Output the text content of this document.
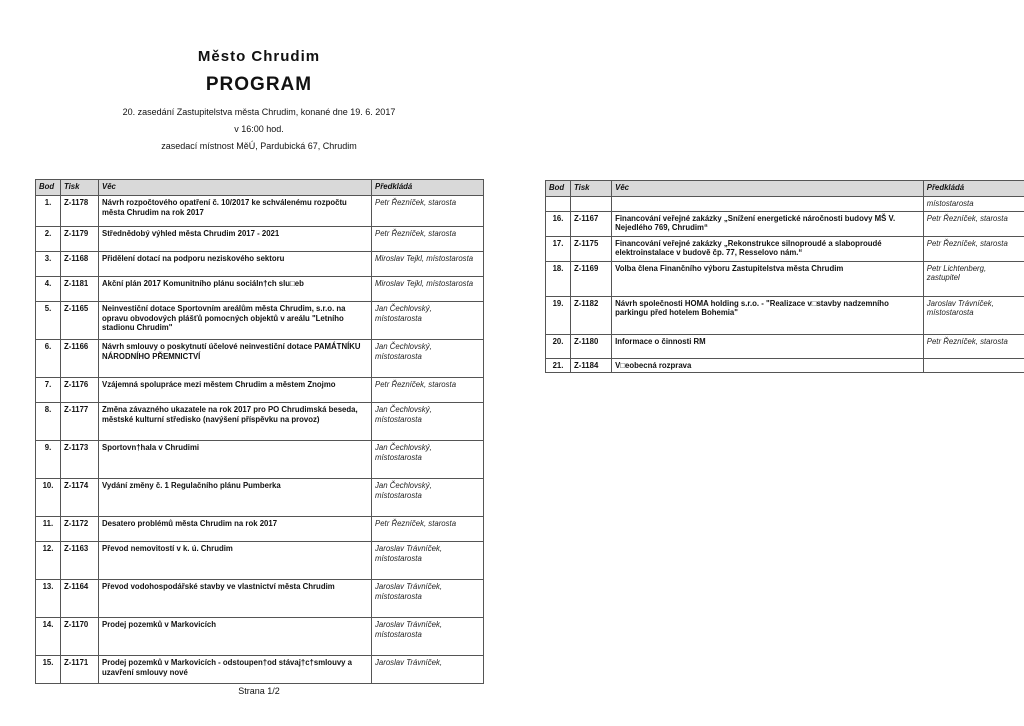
Město Chrudim
PROGRAM
20. zasedání Zastupitelstva města Chrudim, konané dne 19. 6. 2017
v 16:00 hod.
zasedací místnost MěÚ, Pardubická 67, Chrudim
Bod	Tisk	Věc	Předkládá
1.	Z-1178	Návrh rozpočtového opatření č. 10/2017 ke schválenému rozpočtu města Chrudim na rok 2017	Petr Řezníček, starosta
2.	Z-1179	Střednědobý výhled města Chrudim 2017 - 2021	Petr Řezníček, starosta
3.	Z-1168	Přidělení dotací na podporu neziskového sektoru	Miroslav Tejkl, místostarosta
4.	Z-1181	Akční plán 2017 Komunitního plánu sociáln†ch slu□eb	Miroslav Tejkl, místostarosta
5.	Z-1165	Neinvestiční dotace Sportovním areálům města Chrudim, s.r.o. na opravu obvodových plášťů pomocných objektů v areálu "Letního stadionu Chrudim"	Jan Čechlovský, místostarosta
6.	Z-1166	Návrh smlouvy o poskytnutí účelové neinvestiční dotace PAMÁTNÍKU NÁRODNÍHO PŘEMNICTVÍ	Jan Čechlovský, místostarosta
7.	Z-1176	Vzájemná spolupráce mezi městem Chrudim a městem Znojmo	Petr Řezníček, starosta
8.	Z-1177	Změna závazného ukazatele na rok 2017 pro PO Chrudimská beseda, městské kulturní středisko (navýšení příspěvku na provoz)	Jan Čechlovský, místostarosta
9.	Z-1173	Sportovn†hala v Chrudimi	Jan Čechlovský, místostarosta
10.	Z-1174	Vydání změny č. 1 Regulačního plánu Pumberka	Jan Čechlovský, místostarosta
11.	Z-1172	Desatero problémů města Chrudim na rok 2017	Petr Řezníček, starosta
12.	Z-1163	Převod nemovitostí v k. ú. Chrudim	Jaroslav Trávníček, místostarosta
13.	Z-1164	Převod vodohospodářské stavby ve vlastnictví města Chrudim	Jaroslav Trávníček, místostarosta
14.	Z-1170	Prodej pozemků v Markovicích	Jaroslav Trávníček, místostarosta
15.	Z-1171	Prodej pozemků v Markovicích - odstoupen†od stávaj†c†smlouvy a uzavření smlouvy nové	Jaroslav Trávníček,
Bod	Tisk	Věc	Předkládá
			místostarosta
16.	Z-1167	Financování veřejné zakázky „Snížení energetické náročnosti budovy MŠ V. Nejedlého 769, Chrudim“	Petr Řezníček, starosta
17.	Z-1175	Financování veřejné zakázky „Rekonstrukce silnoproudé a slaboproudé elektroinstalace v budově čp. 77, Resselovo nám.“	Petr Řezníček, starosta
18.	Z-1169	Volba člena Finančního výboru Zastupitelstva města Chrudim	Petr Lichtenberg, zastupitel
19.	Z-1182	Návrh společnosti HOMA holding s.r.o. - "Realizace v□stavby nadzemního parkingu před hotelem Bohemia"	Jaroslav Trávníček, místostarosta
20.	Z-1180	Informace o činnosti RM	Petr Řezníček, starosta
21.	Z-1184	V□eobecná rozprava	
Strana 1/2
